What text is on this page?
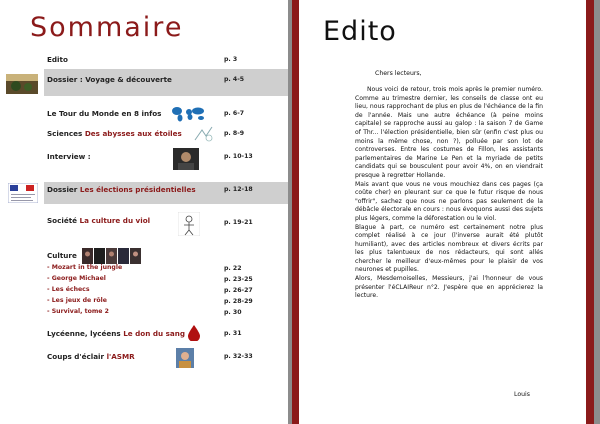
Sommaire
Edito	p. 3
Dossier : Voyage & découverte	p. 4-5
Le Tour du Monde en 8 infos	p. 6-7
Sciences Des abysses aux étoiles	p. 8-9
Interview :	p. 10-13
Dossier Les élections présidentielles	p. 12-18
Société La culture du viol	p. 19-21
Culture
- Mozart in the jungle	p. 22
- George Michael	p. 23-25
- Les échecs	p. 26-27
- Les jeux de rôle	p. 28-29
- Survival, tome 2	p. 30
Lycéenne, lycéens Le don du sang	p. 31
Coups d'éclair l'ASMR	p. 32-33
Edito
Chers lecteurs,

Nous voici de retour, trois mois après le premier numéro. Comme au trimestre dernier, les conseils de classe ont eu lieu, nous rapprochant de plus en plus de l'échéance de la fin de l'année. Mais une autre échéance (à peine moins capitale) se rapproche aussi au galop : la saison 7 de Game of Thr... l'élection présidentielle, bien sûr (enfin c'est plus ou moins la même chose, non ?), polluée par son lot de controverses. Entre les costumes de Fillon, les assistants parlementaires de Marine Le Pen et la myriade de petits candidats qui se bousculent pour avoir 4%, on en viendrait presque à regretter Hollande.

Mais avant que vous ne vous mouchiez dans ces pages (ça coûte cher) en pleurant sur ce que le futur risque de nous "offrir", sachez que nous ne parlons pas seulement de la débâcle électorale en cours : nous évoquons aussi des sujets plus légers, comme la déforestation ou le viol.

Blague à part, ce numéro est certainement notre plus complet réalisé à ce jour (l'inverse aurait été plutôt humiliant), avec des articles nombreux et divers écrits par les plus talentueux de nos rédacteurs, qui sont allés chercher le meilleur d'eux-mêmes pour le plaisir de vos neurones et pupilles.

Alors, Mesdemoiselles, Messieurs, j'ai l'honneur de vous présenter l'éCLAIReur n°2. J'espère que en apprécierez la lecture.

Louis
